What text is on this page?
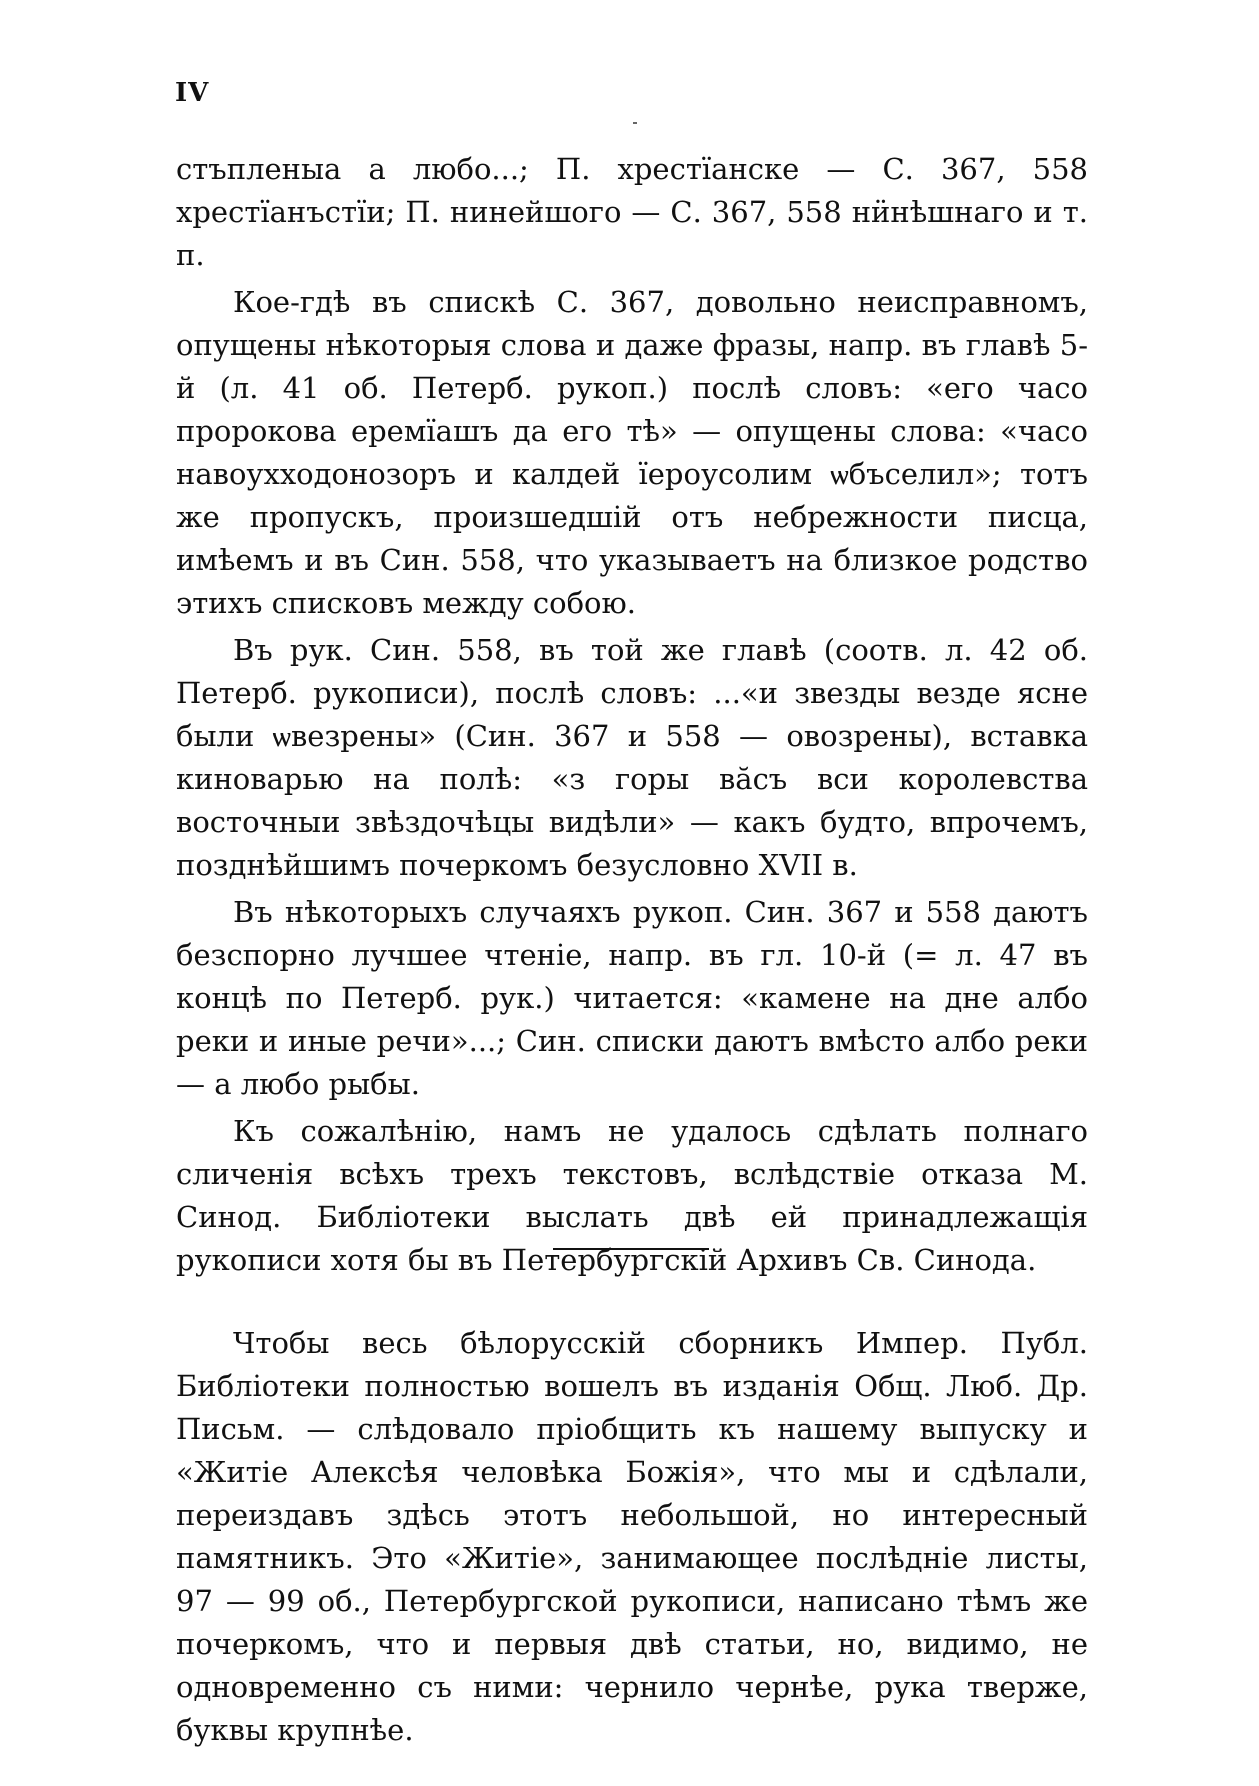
IV

стъпленыа а любо...; П. хрестїанске — С. 367, 558 хрестїанъстїи; П. нинейшого — С. 367, 558 нӥнѣшнаго и т. п.

Кое-гдѣ въ спискѣ С. 367, довольно неисправномъ, опущены нѣкоторыя слова и даже фразы, напр. въ главѣ 5-й (л. 41 об. Петерб. рукоп.) послѣ словъ: «его часо пророкова еремїашъ да его тѣ» — опущены слова: «часо навоухходонозоръ и калдей їероусолим ѡбъселил»; тотъ же пропускъ, произшедшій отъ небрежности писца, имѣемъ и въ Син. 558, что указываетъ на близкое родство этихъ списковъ между собою.

Въ рук. Син. 558, въ той же главѣ (соотв. л. 42 об. Петерб. рукописи), послѣ словъ: ...«и звезды везде ясне были ѡвезрены» (Син. 367 и 558 — овозрены), вставка киноварью на полѣ: «з горы вӑсъ вси королевства восточныи звѣздочѣцы видѣли» — какъ будто, впрочемъ, позднѣйшимъ почеркомъ безусловно XVII в.

Въ нѣкоторыхъ случаяхъ рукоп. Син. 367 и 558 даютъ безспорно лучшее чтеніе, напр. въ гл. 10-й (= л. 47 въ концѣ по Петерб. рук.) читается: «камене на дне албо реки и иные речи»...; Син. списки даютъ вмѣсто албо реки — а любо рыбы.

Къ сожалѣнію, намъ не удалось сдѣлать полнаго сличенія всѣхъ трехъ текстовъ, вслѣдствіе отказа М. Синод. Библіотеки выслать двѣ ей принадлежащія рукописи хотя бы въ Петербургскій Архивъ Св. Синода.

Чтобы весь бѣлорусскій сборникъ Импер. Публ. Библіотеки полностью вошелъ въ изданія Общ. Люб. Др. Письм. — слѣдовало пріобщить къ нашему выпуску и «Житіе Алексѣя человѣка Божія», что мы и сдѣлали, переиздавъ здѣсь этотъ небольшой, но интересный памятникъ. Это «Житіе», занимающее послѣдніе листы, 97 — 99 об., Петербургской рукописи, написано тѣмъ же почеркомъ, что и первыя двѣ статьи, но, видимо, не одновременно съ ними: чернило чернѣе, рука тверже, буквы крупнѣе.
